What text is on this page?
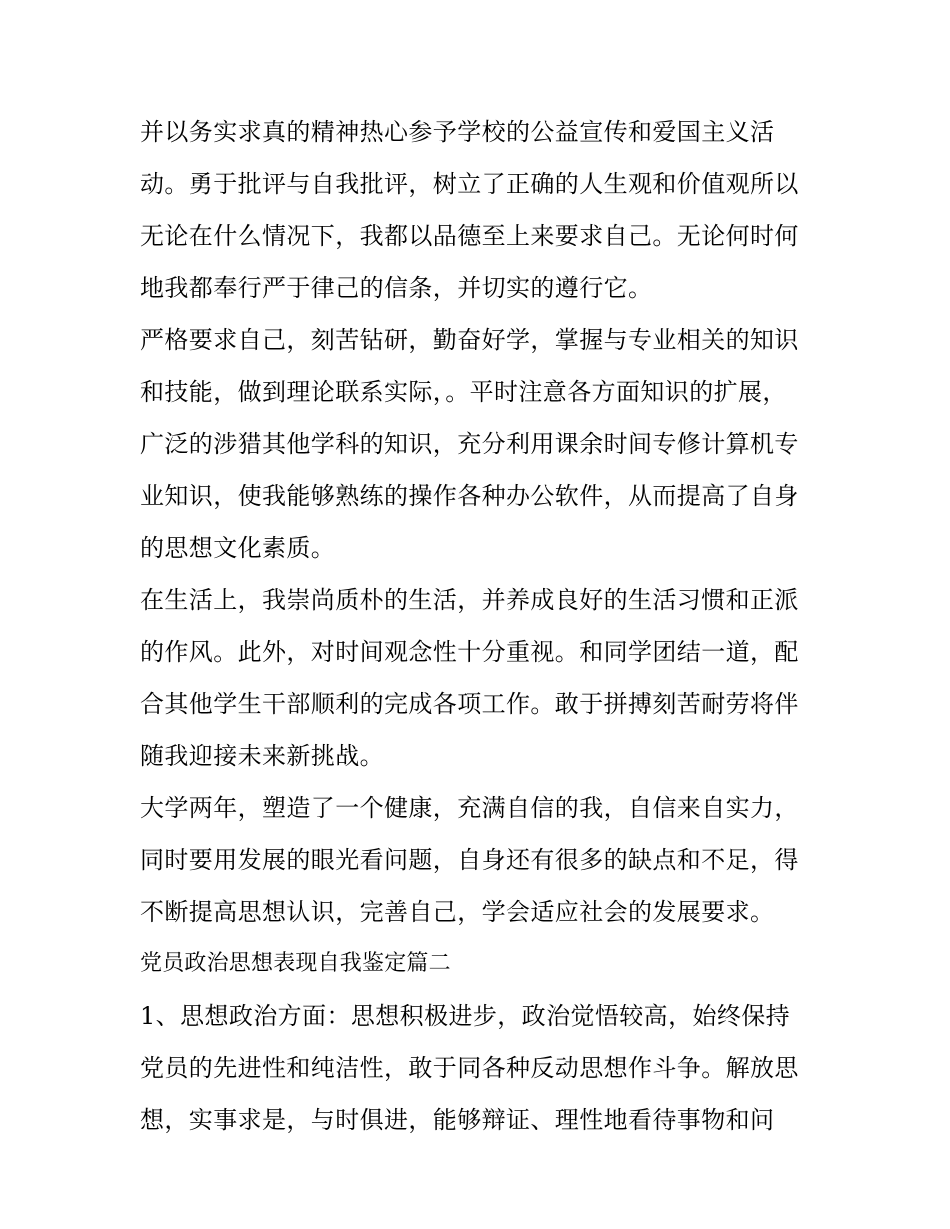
并以务实求真的精神热心参予学校的公益宣传和爱国主义活
动。勇于批评与自我批评，树立了正确的人生观和价值观所以
无论在什么情况下，我都以品德至上来要求自己。无论何时何
地我都奉行严于律己的信条，并切实的遵行它。
严格要求自己，刻苦钻研，勤奋好学，掌握与专业相关的知识
和技能，做到理论联系实际，。平时注意各方面知识的扩展，
广泛的涉猎其他学科的知识，充分利用课余时间专修计算机专
业知识，使我能够熟练的操作各种办公软件，从而提高了自身
的思想文化素质。
在生活上，我崇尚质朴的生活，并养成良好的生活习惯和正派
的作风。此外，对时间观念性十分重视。和同学团结一道，配
合其他学生干部顺利的完成各项工作。敢于拼搏刻苦耐劳将伴
随我迎接未来新挑战。
大学两年，塑造了一个健康，充满自信的我，自信来自实力，
同时要用发展的眼光看问题，自身还有很多的缺点和不足，得
不断提高思想认识，完善自己，学会适应社会的发展要求。
党员政治思想表现自我鉴定篇二
1、思想政治方面：思想积极进步，政治觉悟较高，始终保持
党员的先进性和纯洁性，敢于同各种反动思想作斗争。解放思
想，实事求是，与时俱进，能够辩证、理性地看待事物和问
